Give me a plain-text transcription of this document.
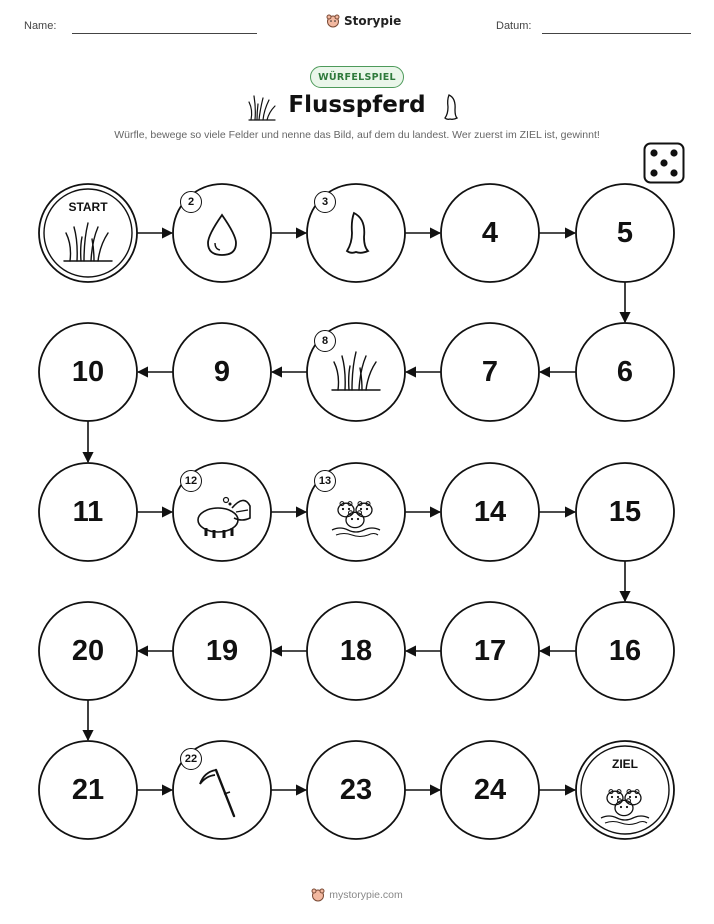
Name:	Storypie	Datum:
WÜRFELSPIEL
Flusspferd
Würfle, bewege so viele Felder und nenne das Bild, auf dem du landest. Wer zuerst im ZIEL ist, gewinnt!
START	2	3
4	5
6
7
8
9
10
11
12	13
14	15
16
17
18
19
20
21
22
23	24
ZIEL
mystorypie.com
